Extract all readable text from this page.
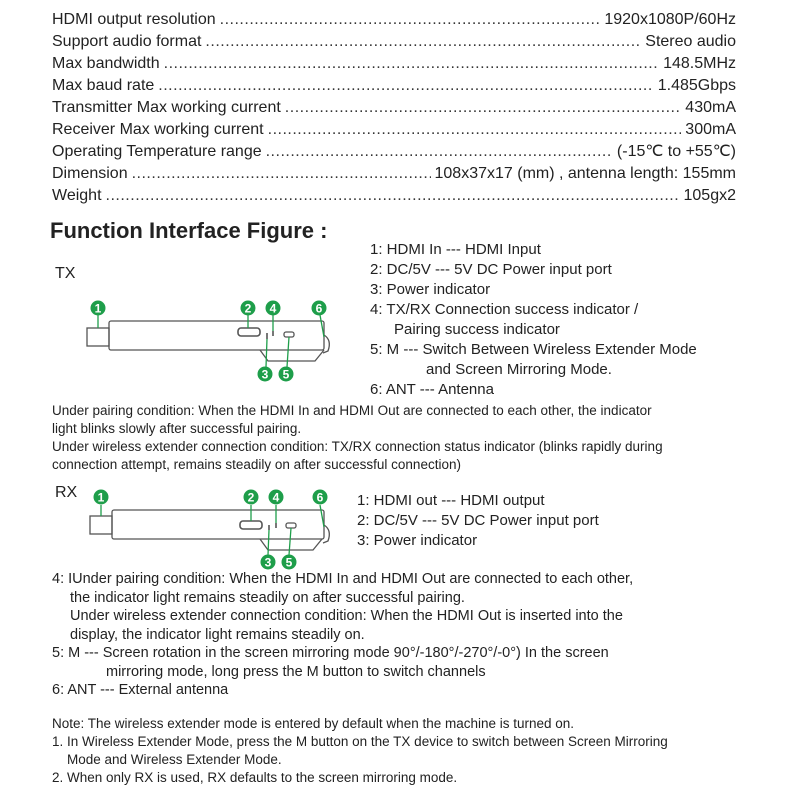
HDMI output resolution .....	1920x1080P/60Hz
Support audio format .....	Stereo audio
Max bandwidth .....	148.5MHz
Max baud rate .....	1.485Gbps
Transmitter Max working current .....	430mA
Receiver Max working current .....	300mA
Operating Temperature range .....	(-15℃ to +55℃)
Dimension .....	108x37x17 (mm) , antenna length: 155mm
Weight .....	105gx2
Function Interface Figure :
TX
1	2 4	6
3 5
1: HDMI In --- HDMI Input
2: DC/5V --- 5V DC Power input port
3: Power indicator
4: TX/RX Connection success indicator /
Pairing success indicator
5: M --- Switch Between Wireless Extender Mode
and Screen Mirroring Mode.
6: ANT --- Antenna
Under pairing condition: When the HDMI In and HDMI Out are connected to each other, the indicator
light blinks slowly after successful pairing.
Under wireless extender connection condition: TX/RX connection status indicator (blinks rapidly during
connection attempt, remains steadily on after successful connection)
RX 1	2 4	6
3 5
1: HDMI out --- HDMI output
2: DC/5V --- 5V DC Power input port
3: Power indicator
4: IUnder pairing condition: When the HDMI In and HDMI Out are connected to each other,
the indicator light remains steadily on after successful pairing.
Under wireless extender connection condition: When the HDMI Out is inserted into the
display, the indicator light remains steadily on.
5: M --- Screen rotation in the screen mirroring mode 90°/-180°/-270°/-0°) In the screen
mirroring mode, long press the M button to switch channels
6: ANT --- External antenna
Note: The wireless extender mode is entered by default when the machine is turned on.
1. In Wireless Extender Mode, press the M button on the TX device to switch between Screen Mirroring
Mode and Wireless Extender Mode.
2. When only RX is used, RX defaults to the screen mirroring mode.
